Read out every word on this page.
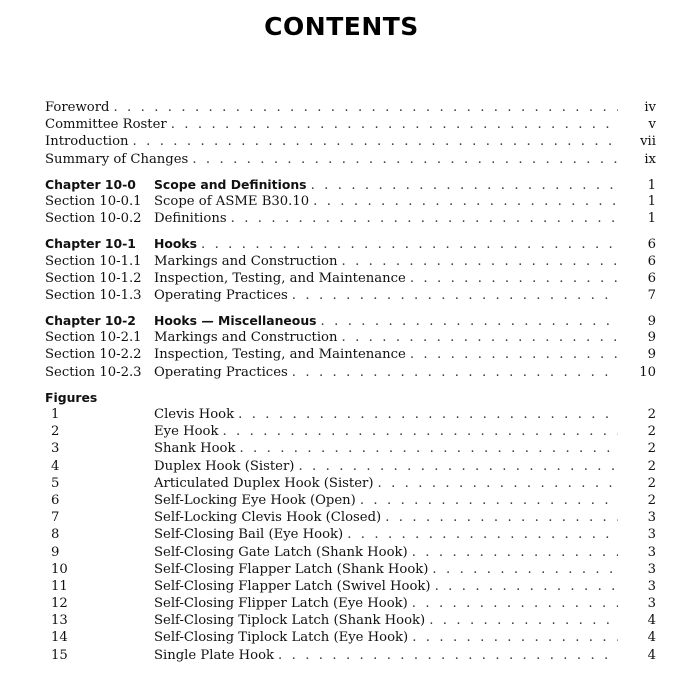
CONTENTS
Foreword . . .	iv
Committee Roster . . .	v
Introduction . . .	vii
Summary of Changes . . .	ix
Chapter 10-0	Scope and Definitions . . .	1
Section 10-0.1 Scope of ASME B30.10 . . .	1
Section 10-0.2 Definitions . . .	1
Chapter 10-1	Hooks . . .	6
Section 10-1.1 Markings and Construction . . .	6
Section 10-1.2 Inspection, Testing, and Maintenance . . .	6
Section 10-1.3 Operating Practices . . .	7
Chapter 10-2	Hooks — Miscellaneous . . .	9
Section 10-2.1 Markings and Construction . . .	9
Section 10-2.2 Inspection, Testing, and Maintenance . . .	9
Section 10-2.3 Operating Practices . . .	10
Figures
1	Clevis Hook . . .	2
2	Eye Hook . . .	2
3	Shank Hook . . .	2
4	Duplex Hook (Sister) . . .	2
5	Articulated Duplex Hook (Sister) . . .	2
6	Self-Locking Eye Hook (Open) . . .	2
7	Self-Locking Clevis Hook (Closed) . . .	3
8	Self-Closing Bail (Eye Hook) . . .	3
9	Self-Closing Gate Latch (Shank Hook) . . .	3
10	Self-Closing Flapper Latch (Shank Hook) . . .	3
11	Self-Closing Flapper Latch (Swivel Hook) . . .	3
12	Self-Closing Flipper Latch (Eye Hook) . . .	3
13	Self-Closing Tiplock Latch (Shank Hook) . . .	4
14	Self-Closing Tiplock Latch (Eye Hook) . . .	4
15	Single Plate Hook . . .	4
